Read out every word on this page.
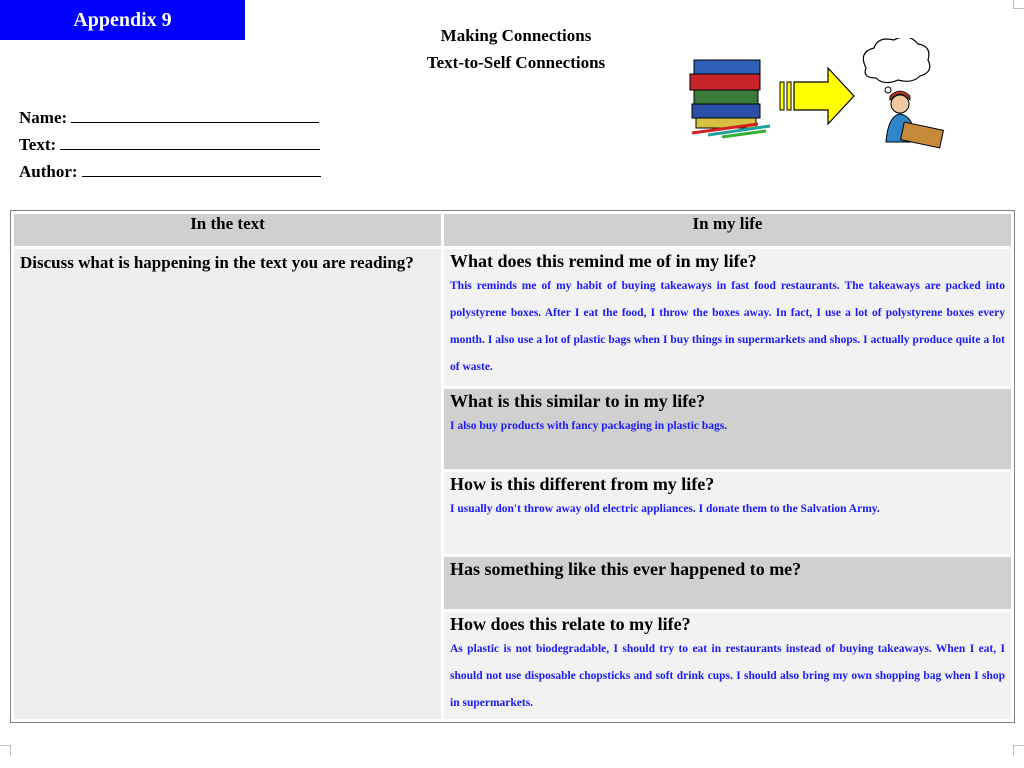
Appendix 9
Making Connections
Text-to-Self Connections
Name:
Text:
Author:
In the text	In my life
Discuss what is happening in the text you are reading?	What does this remind me of in my life?
This reminds me of my habit of buying takeaways in fast food restaurants. The takeaways are packed into polystyrene boxes. After I eat the food, I throw the boxes away. In fact, I use a lot of polystyrene boxes every month. I also use a lot of plastic bags when I buy things in supermarkets and shops. I actually produce quite a lot of waste.

	What is this similar to in my life?
I also buy products with fancy packaging in plastic bags.

	How is this different from my life?
I usually don't throw away old electric appliances. I donate them to the Salvation Army.

	Has something like this ever happened to me?

	How does this relate to my life?
As plastic is not biodegradable, I should try to eat in restaurants instead of buying takeaways. When I eat, I should not use disposable chopsticks and soft drink cups. I should also bring my own shopping bag when I shop in supermarkets.
